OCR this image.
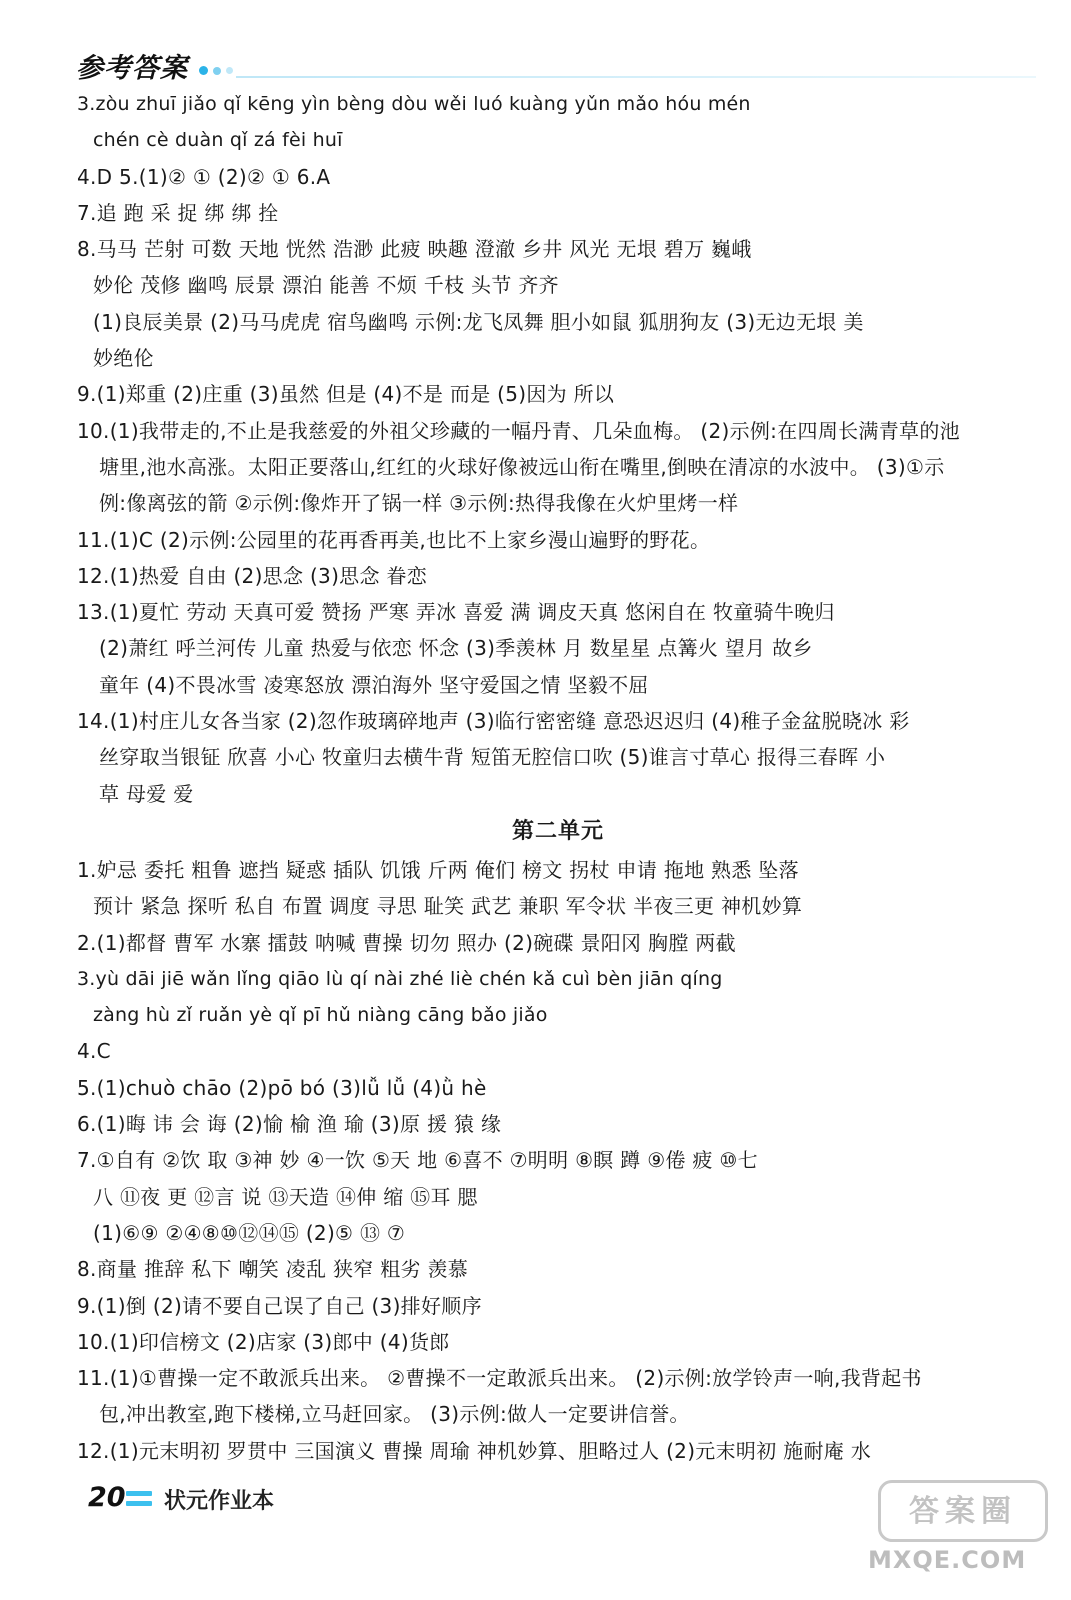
参考答案
3.zòu zhuī jiǎo qǐ kēng yìn bèng dòu wěi luó kuàng yǔn mǎo hóu mén
chén cè duàn qǐ zá fèi huī
4.D 5.(1)② ① (2)② ① 6.A
7.追 跑 采 捉 绑 绑 拴
8.马马 芒射 可数 天地 恍然 浩渺 此疲 映趣 澄澈 乡井 风光 无垠 碧万 巍峨
妙伦 茂修 幽鸣 辰景 漂泊 能善 不烦 千枝 头节 齐齐
(1)良辰美景 (2)马马虎虎 宿鸟幽鸣 示例:龙飞凤舞 胆小如鼠 狐朋狗友 (3)无边无垠 美
妙绝伦
9.(1)郑重 (2)庄重 (3)虽然 但是 (4)不是 而是 (5)因为 所以
10.(1)我带走的,不止是我慈爱的外祖父珍藏的一幅丹青、几朵血梅。 (2)示例:在四周长满青草的池
塘里,池水高涨。太阳正要落山,红红的火球好像被远山衔在嘴里,倒映在清凉的水波中。 (3)①示
例:像离弦的箭 ②示例:像炸开了锅一样 ③示例:热得我像在火炉里烤一样
11.(1)C (2)示例:公园里的花再香再美,也比不上家乡漫山遍野的野花。
12.(1)热爱 自由 (2)思念 (3)思念 眷恋
13.(1)夏忙 劳动 天真可爱 赞扬 严寒 弄冰 喜爱 满 调皮天真 悠闲自在 牧童骑牛晚归
(2)萧红 呼兰河传 儿童 热爱与依恋 怀念 (3)季羡林 月 数星星 点篝火 望月 故乡
童年 (4)不畏冰雪 凌寒怒放 漂泊海外 坚守爱国之情 坚毅不屈
14.(1)村庄儿女各当家 (2)忽作玻璃碎地声 (3)临行密密缝 意恐迟迟归 (4)稚子金盆脱晓冰 彩
丝穿取当银钲 欣喜 小心 牧童归去横牛背 短笛无腔信口吹 (5)谁言寸草心 报得三春晖 小
草 母爱 爱
第二单元
1.妒忌 委托 粗鲁 遮挡 疑惑 插队 饥饿 斤两 俺们 榜文 拐杖 申请 拖地 熟悉 坠落
预计 紧急 探听 私自 布置 调度 寻思 耻笑 武艺 兼职 军令状 半夜三更 神机妙算
2.(1)都督 曹军 水寨 擂鼓 呐喊 曹操 切勿 照办 (2)碗碟 景阳冈 胸膛 两截
3.yù dāi jiē wǎn lǐng qiāo lù qí nài zhé liè chén kǎ cuì bèn jiān qíng
zàng hù zǐ ruǎn yè qǐ pī hǔ niàng cāng bǎo jiǎo
4.C
5.(1)chuò chāo (2)pō bó (3)lǚ lǚ (4)ǜ hè
6.(1)晦 讳 会 诲 (2)愉 榆 渔 瑜 (3)原 援 猿 缘
7.①自有 ②饮 取 ③神 妙 ④一饮 ⑤天 地 ⑥喜不 ⑦明明 ⑧瞑 蹲 ⑨倦 疲 ⑩七
八 ⑪夜 更 ⑫言 说 ⑬天造 ⑭伸 缩 ⑮耳 腮
(1)⑥⑨ ②④⑧⑩⑫⑭⑮ (2)⑤ ⑬ ⑦
8.商量 推辞 私下 嘲笑 凌乱 狭窄 粗劣 羡慕
9.(1)倒 (2)请不要自己误了自己 (3)排好顺序
10.(1)印信榜文 (2)店家 (3)郎中 (4)货郎
11.(1)①曹操一定不敢派兵出来。 ②曹操不一定敢派兵出来。 (2)示例:放学铃声一响,我背起书
包,冲出教室,跑下楼梯,立马赶回家。 (3)示例:做人一定要讲信誉。
12.(1)元末明初 罗贯中 三国演义 曹操 周瑜 神机妙算、胆略过人 (2)元末明初 施耐庵 水
20 状元作业本	答案圈
MXQE.COM
